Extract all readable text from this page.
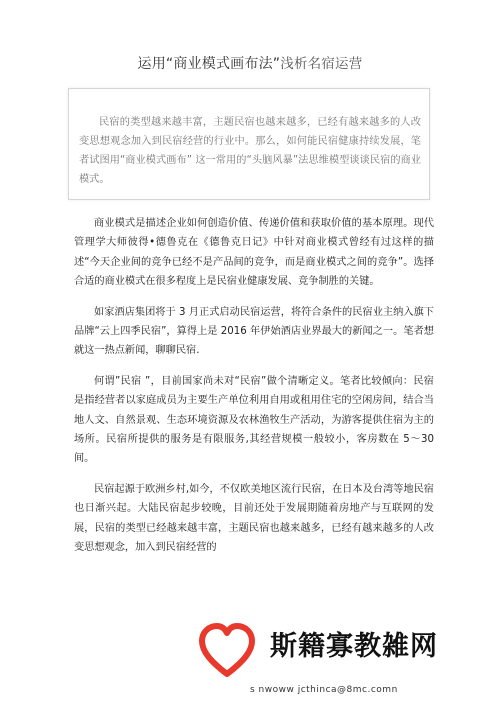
运用“商业模式画布法”浅析名宿运营

民宿的类型越来越丰富，主题民宿也越来越多，已经有越来越多的人改变思想观念加入到民宿经营的行业中。那么，如何能民宿健康持续发展，笔者试图用“商业模式画布” 这一常用的“头脑风暴”法思维模型谈谈民宿的商业模式。

商业模式是描述企业如何创造价值、传递价值和获取价值的基本原理。现代管理学大师彼得•德鲁克在《德鲁克日记》中针对商业模式曾经有过这样的描述“今天企业间的竞争已经不是产品间的竞争，而是商业模式之间的竞争”。选择合适的商业模式在很多程度上是民宿业健康发展、竞争制胜的关键。

如家酒店集团将于 3 月正式启动民宿运营，将符合条件的民宿业主纳入旗下品牌“云上四季民宿”，算得上是 2016 年伊始酒店业界最大的新闻之一。笔者想就这一热点新闻，聊聊民宿.

何谓”民宿 ”，目前国家尚未对“民宿”做个清晰定义。笔者比较倾向：民宿是指经营者以家庭成员为主要生产单位利用自用或租用住宅的空闲房间，结合当地人文、自然景观、生态环境资源及农林渔牧生产活动，为游客提供住宿为主的场所。民宿所提供的服务是有限服务,其经营规模一般较小，客房数在 5～30 间。

民宿起源于欧洲乡村,如今，不仅欧美地区流行民宿，在日本及台湾等地民宿也日渐兴起。大陆民宿起步较晚，目前还处于发展期随着房地产与互联网的发展，民宿的类型已经越来越丰富，主题民宿也越来越多，已经有越来越多的人改变思想观念，加入到民宿经营的

斯籍寡教雑网
s nwoww jcthinca@8mc.comn
